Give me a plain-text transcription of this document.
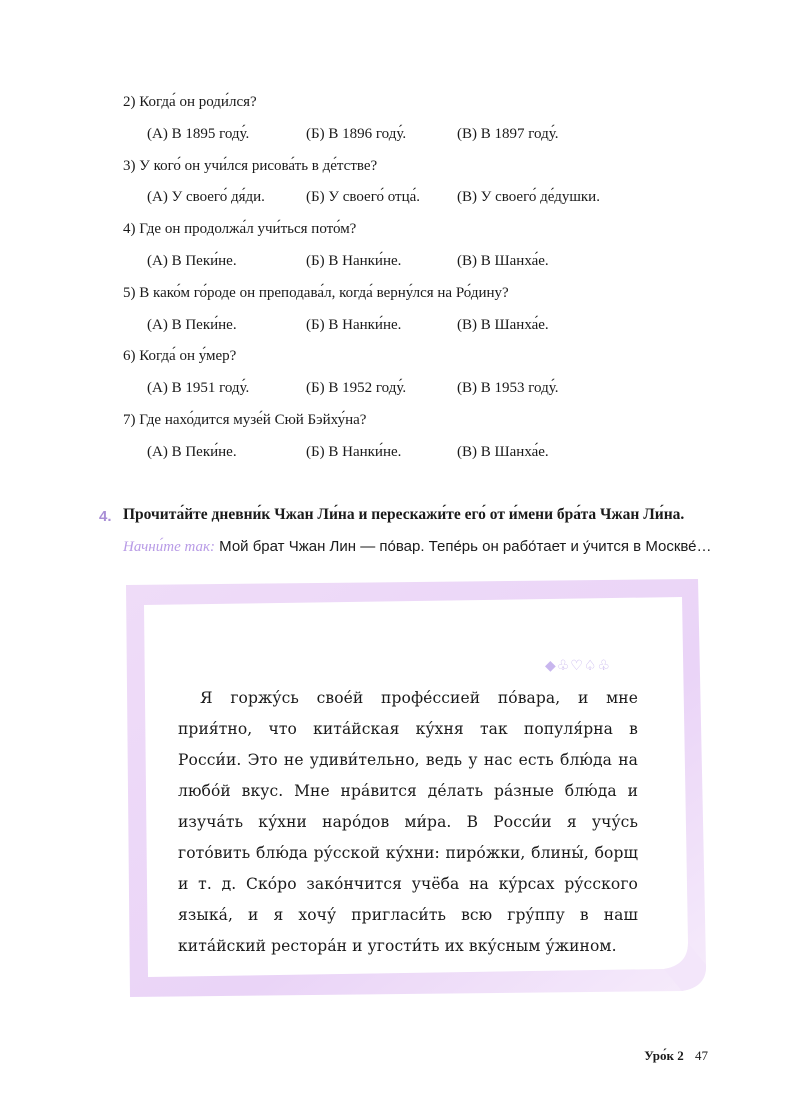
2) Когда́ он роди́лся?
(А) В 1895 году́.	(Б) В 1896 году́.	(В) В 1897 году́.
3) У кого́ он учи́лся рисова́ть в де́тстве?
(А) У своего́ дя́ди.	(Б) У своего́ отца́. (В) У своего́ де́душки.
4) Где он продолжа́л учи́ться пото́м?
(А) В Пеки́не.	(Б) В Нанки́не.	(В) В Шанха́е.
5) В како́м го́роде он преподава́л, когда́ верну́лся на Ро́дину?
(А) В Пеки́не.	(Б) В Нанки́не.	(В) В Шанха́е.
6) Когда́ он у́мер?
(А) В 1951 году́.	(Б) В 1952 году́.	(В) В 1953 году́.
7) Где нахо́дится музе́й Сюй Бэйху́на?
(А) В Пеки́не.	(Б) В Нанки́не.	(В) В Шанха́е.
4. Прочита́йте дневни́к Чжан Ли́на и перескажи́те его́ от и́мени бра́та Чжан Ли́на.
Начни́те так: Мой брат Чжан Лин — по́вар. Тепе́рь он рабо́тает и у́чится в Москве́…
◆♧♡♤♧

Я горжу́сь свое́й профе́ссией по́вара, и мне прия́тно, что кита́йская ку́хня так популя́рна в Росси́и. Это не удиви́тельно, ведь у нас есть блю́да на любо́й вкус. Мне нра́вится де́лать ра́зные блю́да и изуча́ть ку́хни наро́дов ми́ра. В Росси́и я учу́сь гото́вить блю́да ру́сской ку́хни: пиро́жки, блины́, борщ и т. д. Ско́ро зако́нчится учёба на ку́рсах ру́сского языка́, и я хочу́ пригласи́ть всю гру́ппу в наш кита́йский рестора́н и угости́ть их вку́сным у́жином.

Уро́к 2 47
